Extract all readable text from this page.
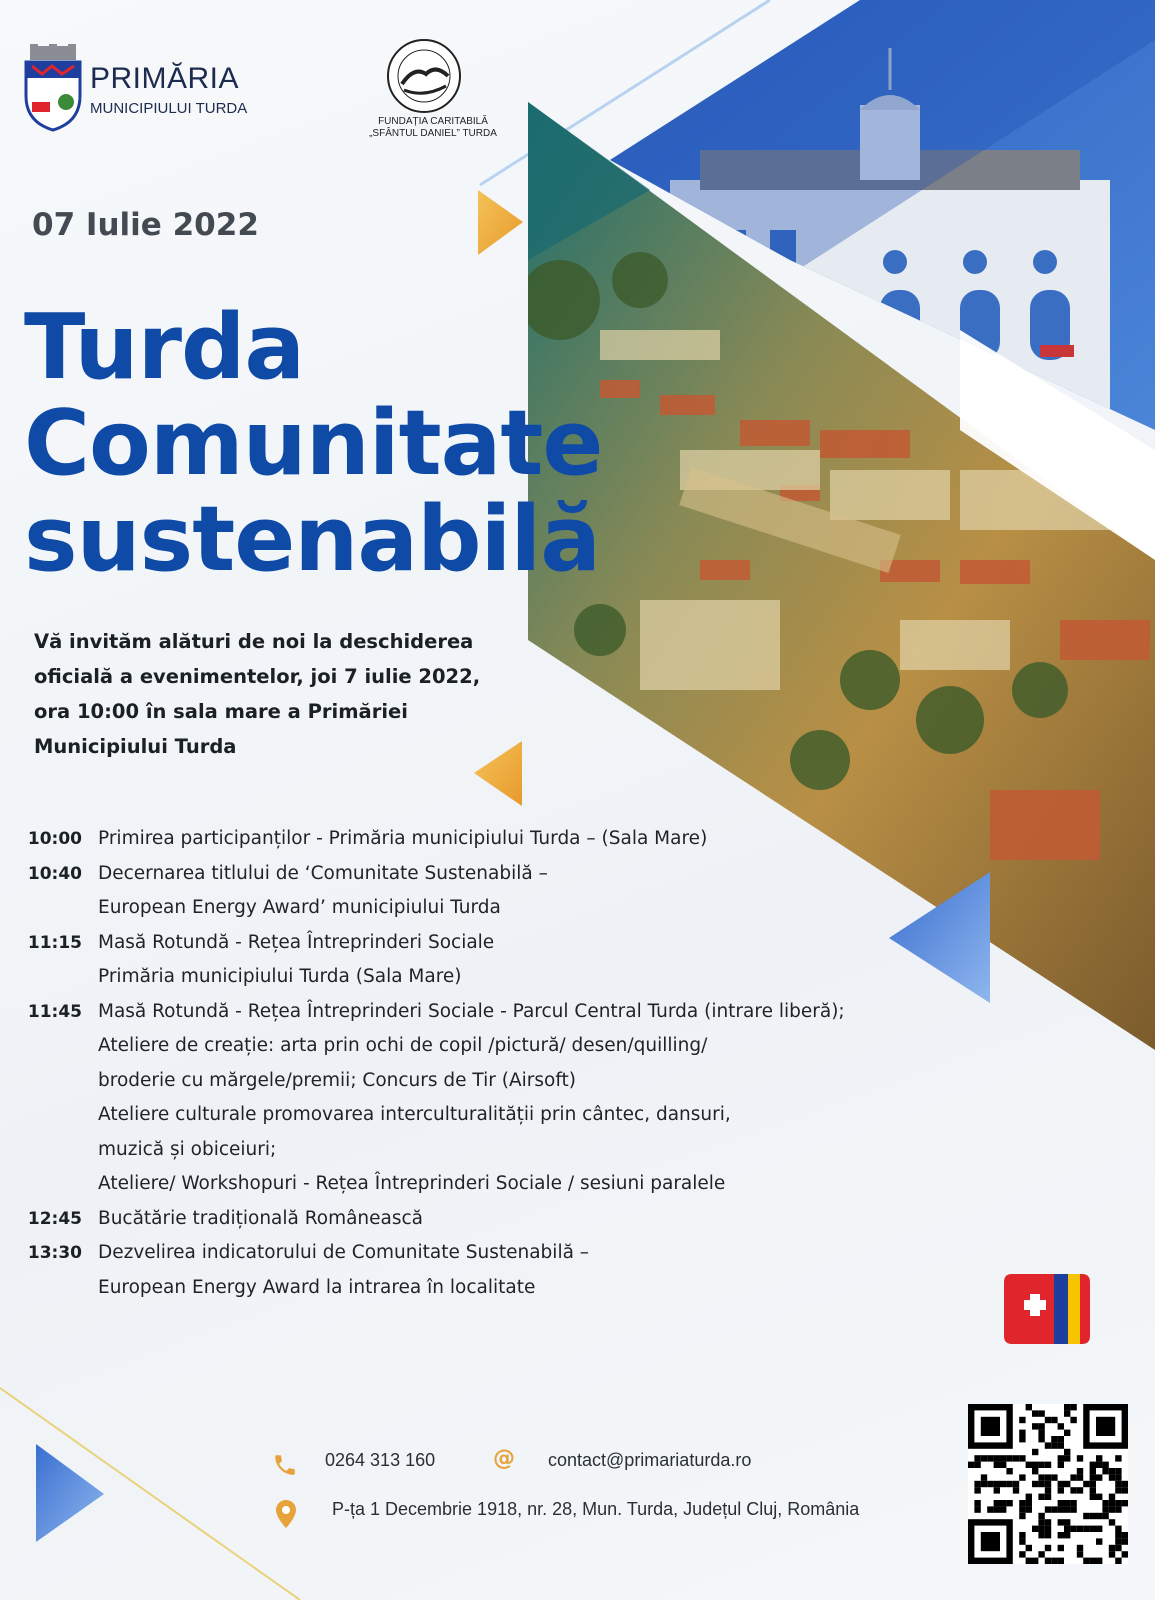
PRIMĂRIA
MUNICIPIULUI TURDA
FUNDAȚIA CARITABILĂ
„SFÂNTUL DANIEL” TURDA
07 Iulie 2022
Turda
Comunitate
sustenabilă
Vă invităm alături de noi la deschiderea
oficială a evenimentelor, joi 7 iulie 2022,
ora 10:00 în sala mare a Primăriei
Municipiului Turda
10:00 Primirea participanților - Primăria municipiului Turda – (Sala Mare)
10:40 Decernarea titlului de ‘Comunitate Sustenabilă –
European Energy Award’ municipiului Turda
11:15 Masă Rotundă - Rețea Întreprinderi Sociale
Primăria municipiului Turda (Sala Mare)
11:45 Masă Rotundă - Rețea Întreprinderi Sociale - Parcul Central Turda (intrare liberă);
Ateliere de creație: arta prin ochi de copil /pictură/ desen/quilling/
broderie cu mărgele/premii; Concurs de Tir (Airsoft)
Ateliere culturale promovarea interculturalității prin cântec, dansuri,
muzică și obiceiuri;
Ateliere/ Workshopuri - Rețea Întreprinderi Sociale / sesiuni paralele
12:45 Bucătărie tradițională Românească
13:30 Dezvelirea indicatorului de Comunitate Sustenabilă –
European Energy Award la intrarea în localitate
0264 313 160	@ contact@primariaturda.ro
P-ța 1 Decembrie 1918, nr. 28, Mun. Turda, Județul Cluj, România
